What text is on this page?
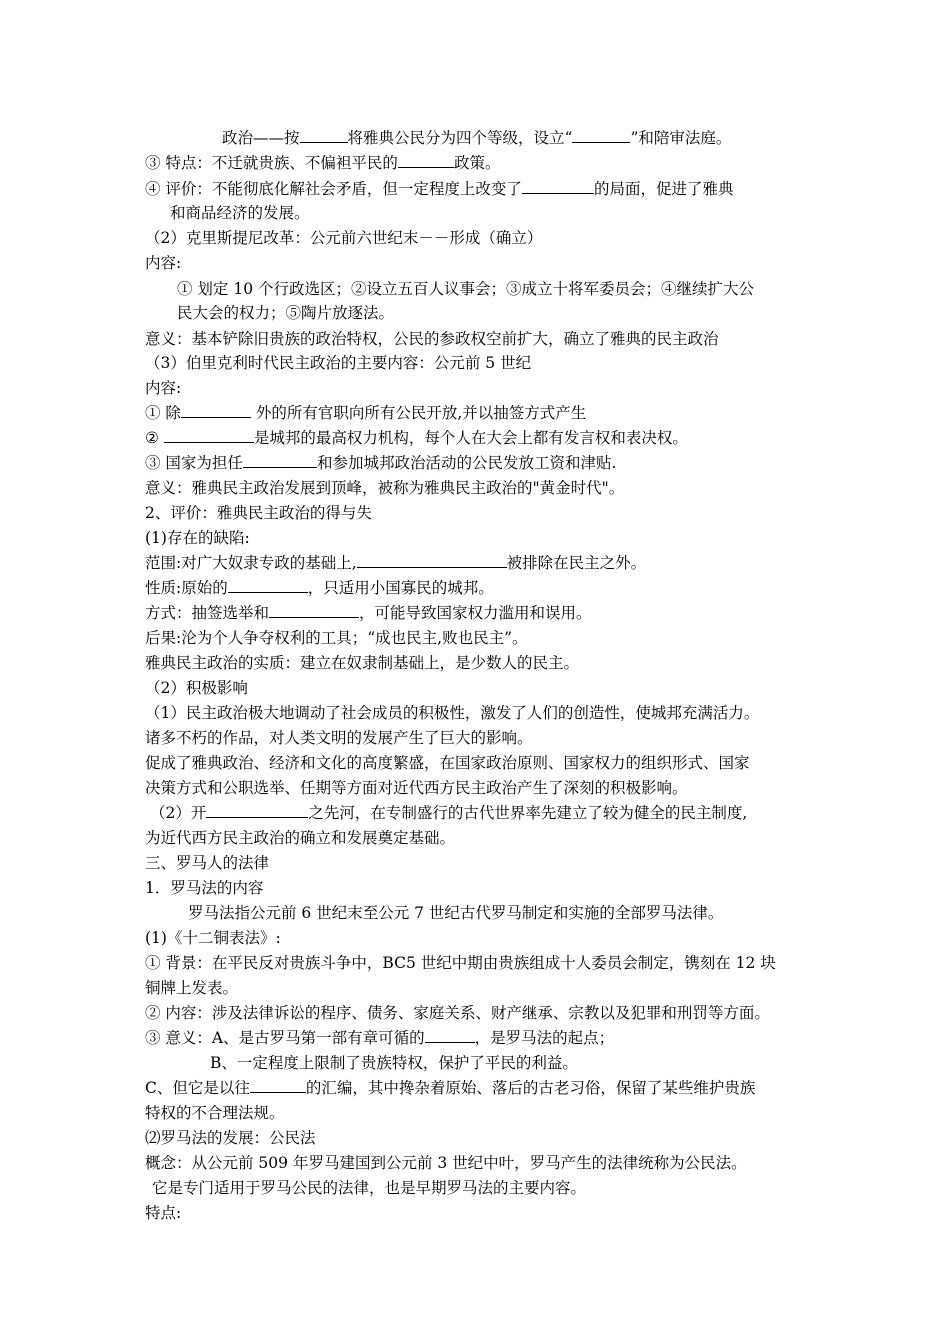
政治——按	将雅典公民分为四个等级，设立“	”和陪审法庭。
③ 特点：不迁就贵族、不偏袒平民的	政策。
④ 评价：不能彻底化解社会矛盾，但一定程度上改变了	的局面，促进了雅典
和商品经济的发展。
（2）克里斯提尼改革：公元前六世纪末－－形成（确立）
内容:
① 划定 10 个行政选区；②设立五百人议事会；③成立十将军委员会；④继续扩大公
民大会的权力；⑤陶片放逐法。
意义：基本铲除旧贵族的政治特权，公民的参政权空前扩大，确立了雅典的民主政治
（3）伯里克利时代民主政治的主要内容：公元前 5 世纪
内容:
① 除	外的所有官职向所有公民开放,并以抽签方式产生
②	是城邦的最高权力机构，每个人在大会上都有发言权和表决权。
③ 国家为担任	和参加城邦政治活动的公民发放工资和津贴.
意义：雅典民主政治发展到顶峰，被称为雅典民主政治的"黄金时代"。
2、评价：雅典民主政治的得与失
(1)存在的缺陷:
范围:对广大奴隶专政的基础上,	被排除在民主之外。
性质:原始的	，只适用小国寡民的城邦。
方式：抽签选举和	，可能导致国家权力滥用和误用。
后果:沦为个人争夺权利的工具；“成也民主,败也民主”。
雅典民主政治的实质：建立在奴隶制基础上，是少数人的民主。
（2）积极影响
（1）民主政治极大地调动了社会成员的积极性，激发了人们的创造性，使城邦充满活力。
诸多不朽的作品，对人类文明的发展产生了巨大的影响。
促成了雅典政治、经济和文化的高度繁盛，在国家政治原则、国家权力的组织形式、国家
决策方式和公职选举、任期等方面对近代西方民主政治产生了深刻的积极影响。
（2）开	之先河，在专制盛行的古代世界率先建立了较为健全的民主制度,
为近代西方民主政治的确立和发展奠定基础。
三、罗马人的法律
1．罗马法的内容
罗马法指公元前 6 世纪末至公元 7 世纪古代罗马制定和实施的全部罗马法律。
(1)《十二铜表法》:
① 背景：在平民反对贵族斗争中，BC5 世纪中期由贵族组成十人委员会制定，镌刻在 12 块
铜牌上发表。
② 内容：涉及法律诉讼的程序、债务、家庭关系、财产继承、宗教以及犯罪和刑罚等方面。
③ 意义：A、是古罗马第一部有章可循的	，是罗马法的起点；
B、一定程度上限制了贵族特权，保护了平民的利益。
C、但它是以往	的汇编，其中搀杂着原始、落后的古老习俗，保留了某些维护贵族
特权的不合理法规。
⑵罗马法的发展：公民法
概念：从公元前 509 年罗马建国到公元前 3 世纪中叶，罗马产生的法律统称为公民法。
它是专门适用于罗马公民的法律，也是早期罗马法的主要内容。
特点:
